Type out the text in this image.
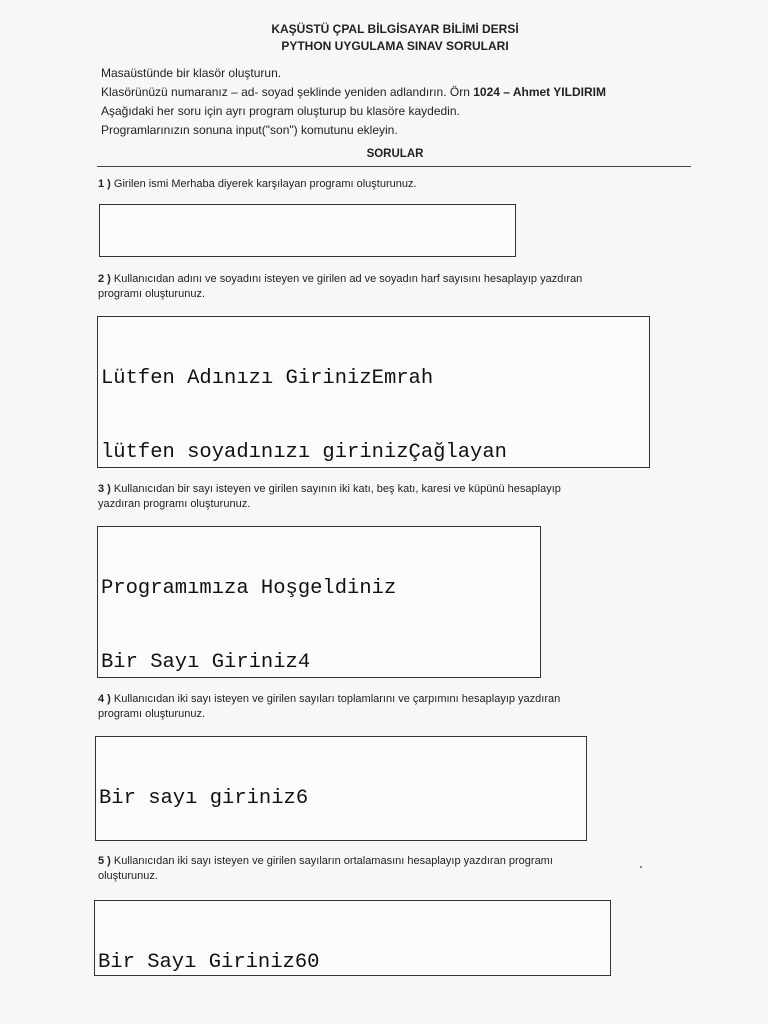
KAŞÜSTÜ ÇPAL BİLGİSAYAR BİLİMİ DERSİ
PYTHON UYGULAMA SINAV SORULARI

Masaüstünde bir klasör oluşturun.

Klasörünüzü numaranız – ad- soyad şeklinde yeniden adlandırın. Örn 1024 – Ahmet YILDIRIM

Aşağıdaki her soru için ayrı program oluşturup bu klasöre kaydedin.

Programlarınızın sonuna input("son") komutunu ekleyin.

SORULAR

1 ) Girilen ismi Merhaba diyerek karşılayan programı oluşturunuz.

2 ) Kullanıcıdan adını ve soyadını isteyen ve girilen ad ve soyadın harf sayısını hesaplayıp yazdıran

programı oluşturunuz.

Lütfen Adınızı GirinizEmrah

lütfen soyadınızı girinizÇağlayan

3 ) Kullanıcıdan bir sayı isteyen ve girilen sayının iki katı, beş katı, karesi ve küpünü hesaplayıp

yazdıran programı oluşturunuz.

Programımıza Hoşgeldiniz

Bir Sayı Giriniz4

4 ) Kullanıcıdan iki sayı isteyen ve girilen sayıları toplamlarını ve çarpımını hesaplayıp yazdıran

programı oluşturunuz.

Bir sayı giriniz6

5 ) Kullanıcıdan iki sayı isteyen ve girilen sayıların ortalamasını hesaplayıp yazdıran programı

oluşturunuz.

Bir Sayı Giriniz60
